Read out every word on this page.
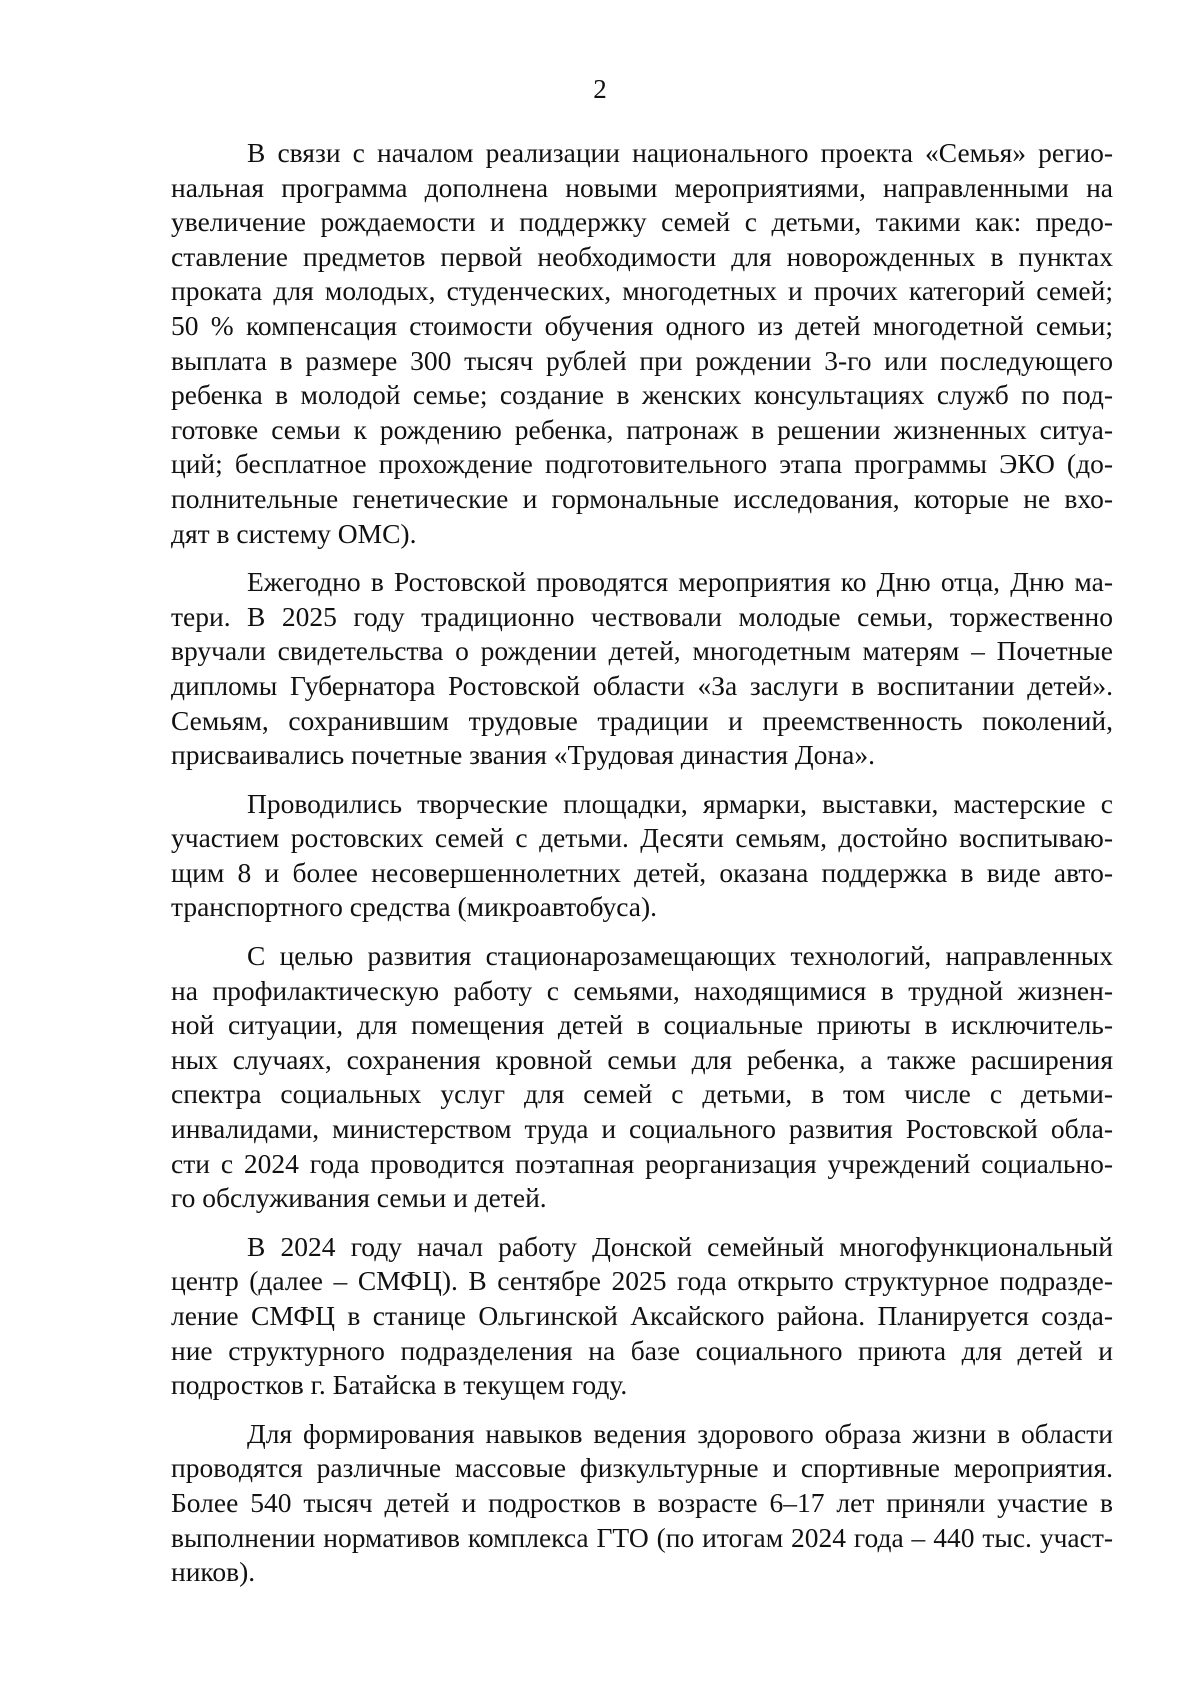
2
В связи с началом реализации национального проекта «Семья» регио-
нальная программа дополнена новыми мероприятиями, направленными на
увеличение рождаемости и поддержку семей с детьми, такими как: предо-
ставление предметов первой необходимости для новорожденных в пунктах
проката для молодых, студенческих, многодетных и прочих категорий семей;
50 % компенсация стоимости обучения одного из детей многодетной семьи;
выплата в размере 300 тысяч рублей при рождении 3-го или последующего
ребенка в молодой семье; создание в женских консультациях служб по под-
готовке семьи к рождению ребенка, патронаж в решении жизненных ситуа-
ций; бесплатное прохождение подготовительного этапа программы ЭКО (до-
полнительные генетические и гормональные исследования, которые не вхо-
дят в систему ОМС).
Ежегодно в Ростовской проводятся мероприятия ко Дню отца, Дню ма-
тери. В 2025 году традиционно чествовали молодые семьи, торжественно
вручали свидетельства о рождении детей, многодетным матерям – Почетные
дипломы Губернатора Ростовской области «За заслуги в воспитании детей».
Семьям, сохранившим трудовые традиции и преемственность поколений,
присваивались почетные звания «Трудовая династия Дона».
Проводились творческие площадки, ярмарки, выставки, мастерские с
участием ростовских семей с детьми. Десяти семьям, достойно воспитываю-
щим 8 и более несовершеннолетних детей, оказана поддержка в виде авто-
транспортного средства (микроавтобуса).
С целью развития стационарозамещающих технологий, направленных
на профилактическую работу с семьями, находящимися в трудной жизнен-
ной ситуации, для помещения детей в социальные приюты в исключитель-
ных случаях, сохранения кровной семьи для ребенка, а также расширения
спектра социальных услуг для семей с детьми, в том числе с детьми-
инвалидами, министерством труда и социального развития Ростовской обла-
сти с 2024 года проводится поэтапная реорганизация учреждений социально-
го обслуживания семьи и детей.
В 2024 году начал работу Донской семейный многофункциональный
центр (далее – СМФЦ). В сентябре 2025 года открыто структурное подразде-
ление СМФЦ в станице Ольгинской Аксайского района. Планируется созда-
ние структурного подразделения на базе социального приюта для детей и
подростков г. Батайска в текущем году.
Для формирования навыков ведения здорового образа жизни в области
проводятся различные массовые физкультурные и спортивные мероприятия.
Более 540 тысяч детей и подростков в возрасте 6–17 лет приняли участие в
выполнении нормативов комплекса ГТО (по итогам 2024 года – 440 тыс. участ-
ников).
